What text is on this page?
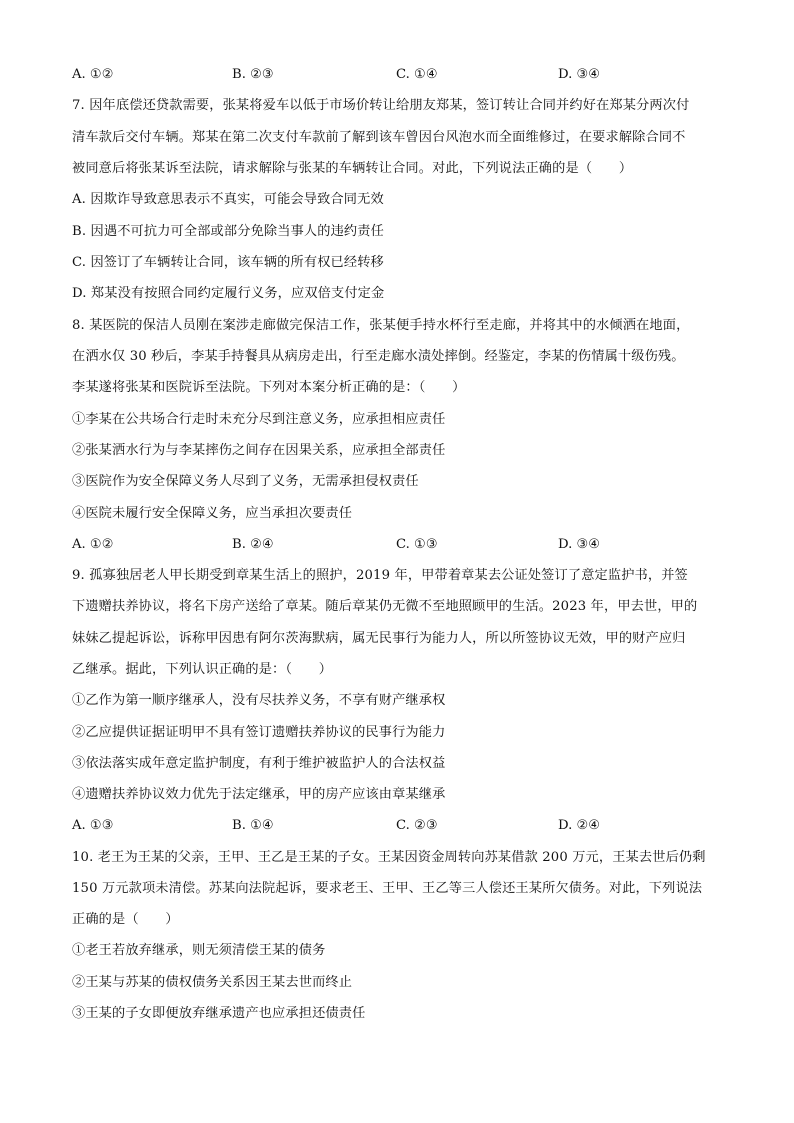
A. ①②	B. ②③	C. ①④	D. ③④
7. 因年底偿还贷款需要，张某将爱车以低于市场价转让给朋友郑某，签订转让合同并约好在郑某分两次付
清车款后交付车辆。郑某在第二次支付车款前了解到该车曾因台风泡水而全面维修过，在要求解除合同不
被同意后将张某诉至法院，请求解除与张某的车辆转让合同。对此，下列说法正确的是（　　）
A. 因欺诈导致意思表示不真实，可能会导致合同无效
B. 因遇不可抗力可全部或部分免除当事人的违约责任
C. 因签订了车辆转让合同，该车辆的所有权已经转移
D. 郑某没有按照合同约定履行义务，应双倍支付定金
8. 某医院的保洁人员刚在案涉走廊做完保洁工作，张某便手持水杯行至走廊，并将其中的水倾洒在地面，
在洒水仅 30 秒后，李某手持餐具从病房走出，行至走廊水渍处摔倒。经鉴定，李某的伤情属十级伤残。
李某遂将张某和医院诉至法院。下列对本案分析正确的是：（　　）
①李某在公共场合行走时未充分尽到注意义务，应承担相应责任
②张某洒水行为与李某摔伤之间存在因果关系，应承担全部责任
③医院作为安全保障义务人尽到了义务，无需承担侵权责任
④医院未履行安全保障义务，应当承担次要责任
A. ①②	B. ②④	C. ①③	D. ③④
9. 孤寡独居老人甲长期受到章某生活上的照护，2019 年，甲带着章某去公证处签订了意定监护书，并签
下遗赠扶养协议，将名下房产送给了章某。随后章某仍无微不至地照顾甲的生活。2023 年，甲去世，甲的
妹妹乙提起诉讼，诉称甲因患有阿尔茨海默病，属无民事行为能力人，所以所签协议无效，甲的财产应归
乙继承。据此，下列认识正确的是：（　　）
①乙作为第一顺序继承人，没有尽扶养义务，不享有财产继承权
②乙应提供证据证明甲不具有签订遗赠扶养协议的民事行为能力
③依法落实成年意定监护制度，有利于维护被监护人的合法权益
④遗赠扶养协议效力优先于法定继承，甲的房产应该由章某继承
A. ①③	B. ①④	C. ②③	D. ②④
10. 老王为王某的父亲，王甲、王乙是王某的子女。王某因资金周转向苏某借款 200 万元，王某去世后仍剩
150 万元款项未清偿。苏某向法院起诉，要求老王、王甲、王乙等三人偿还王某所欠债务。对此，下列说法
正确的是（　　）
①老王若放弃继承，则无须清偿王某的债务
②王某与苏某的债权债务关系因王某去世而终止
③王某的子女即便放弃继承遗产也应承担还债责任
